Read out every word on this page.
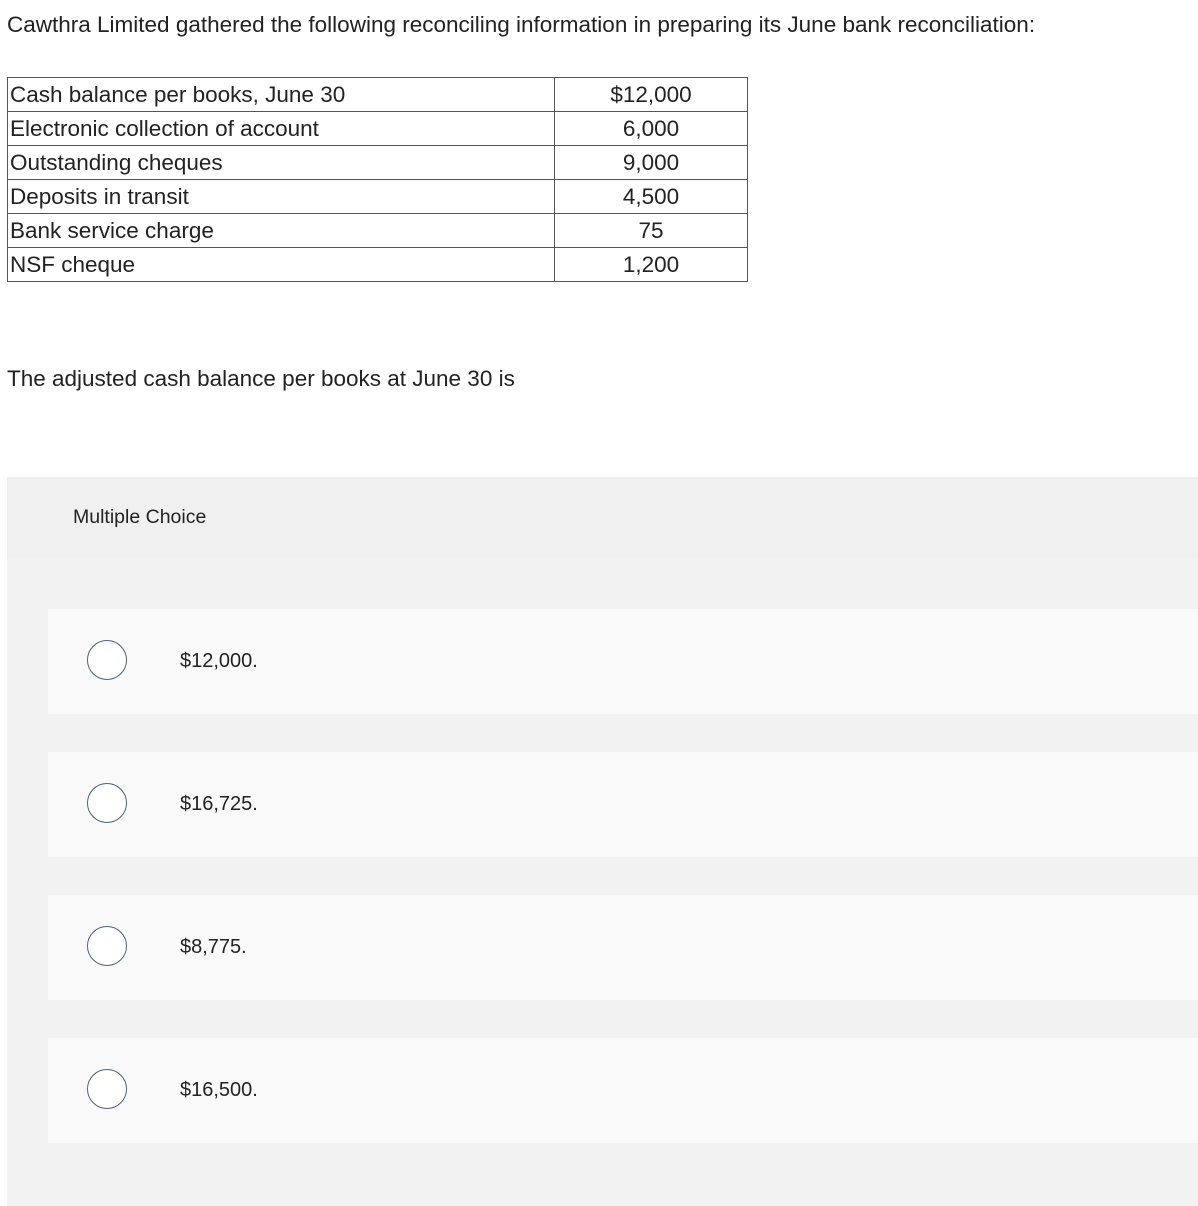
Cawthra Limited gathered the following reconciling information in preparing its June bank reconciliation:
Cash balance per books, June 30	$12,000
Electronic collection of account	6,000
Outstanding cheques	9,000
Deposits in transit	4,500
Bank service charge	75
NSF cheque	1,200
The adjusted cash balance per books at June 30 is
Multiple Choice
$12,000.
$16,725.
$8,775.
$16,500.
